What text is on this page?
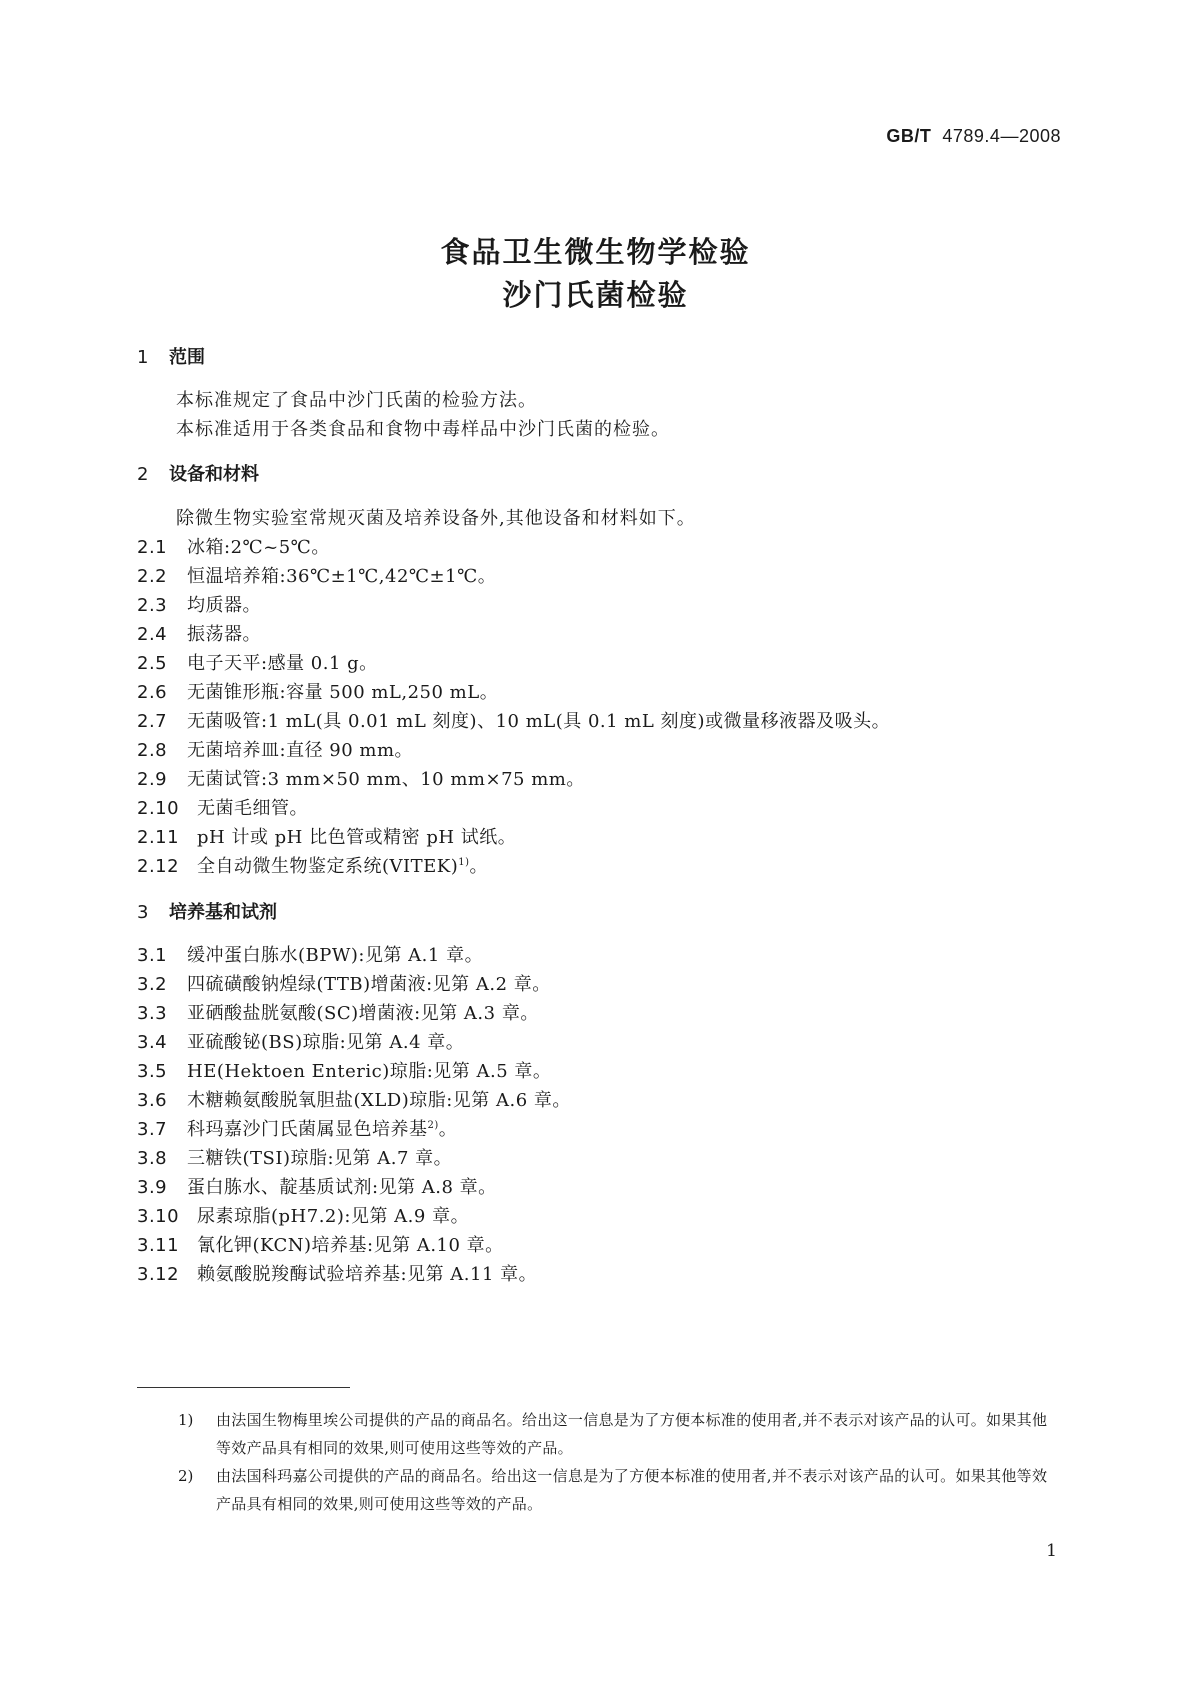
GB/T 4789.4—2008
食品卫生微生物学检验
沙门氏菌检验
1 范围
本标准规定了食品中沙门氏菌的检验方法。
本标准适用于各类食品和食物中毒样品中沙门氏菌的检验。
2 设备和材料
除微生物实验室常规灭菌及培养设备外,其他设备和材料如下。
2.1 冰箱:2℃~5℃。
2.2 恒温培养箱:36℃±1℃,42℃±1℃。
2.3 均质器。
2.4 振荡器。
2.5 电子天平:感量 0.1 g。
2.6 无菌锥形瓶:容量 500 mL,250 mL。
2.7 无菌吸管:1 mL(具 0.01 mL 刻度)、10 mL(具 0.1 mL 刻度)或微量移液器及吸头。
2.8 无菌培养皿:直径 90 mm。
2.9 无菌试管:3 mm×50 mm、10 mm×75 mm。
2.10 无菌毛细管。
2.11 pH 计或 pH 比色管或精密 pH 试纸。
2.12 全自动微生物鉴定系统(VITEK)$^{1)}$。
3 培养基和试剂
3.1 缓冲蛋白胨水(BPW):见第 A.1 章。
3.2 四硫磺酸钠煌绿(TTB)增菌液:见第 A.2 章。
3.3 亚硒酸盐胱氨酸(SC)增菌液:见第 A.3 章。
3.4 亚硫酸铋(BS)琼脂:见第 A.4 章。
3.5 HE(Hektoen Enteric)琼脂:见第 A.5 章。
3.6 木糖赖氨酸脱氧胆盐(XLD)琼脂:见第 A.6 章。
3.7 科玛嘉沙门氏菌属显色培养基$^{2)}$。
3.8 三糖铁(TSI)琼脂:见第 A.7 章。
3.9 蛋白胨水、靛基质试剂:见第 A.8 章。
3.10 尿素琼脂(pH7.2):见第 A.9 章。
3.11 氰化钾(KCN)培养基:见第 A.10 章。
3.12 赖氨酸脱羧酶试验培养基:见第 A.11 章。
1) 由法国生物梅里埃公司提供的产品的商品名。给出这一信息是为了方便本标准的使用者,并不表示对该产品的认可。如果其他等效产品具有相同的效果,则可使用这些等效的产品。
2) 由法国科玛嘉公司提供的产品的商品名。给出这一信息是为了方便本标准的使用者,并不表示对该产品的认可。如果其他等效产品具有相同的效果,则可使用这些等效的产品。
1
